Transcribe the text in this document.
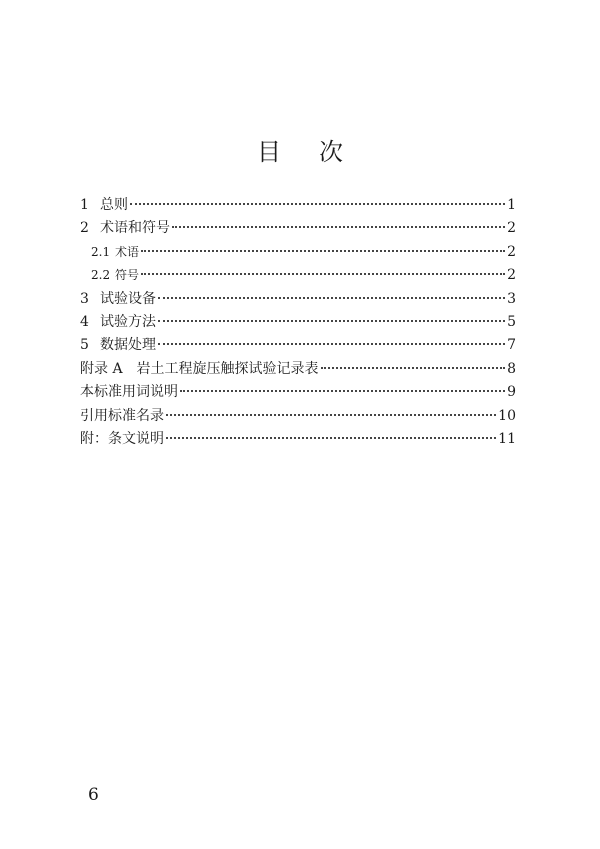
目次
1 总则	1
2 术语和符号	2
2.1 术语	2
2.2 符号	2
3 试验设备	3
4 试验方法	5
5 数据处理	7
附录 A　岩土工程旋压触探试验记录表	8
本标准用词说明	9
引用标准名录	10
附：条文说明	11
6
